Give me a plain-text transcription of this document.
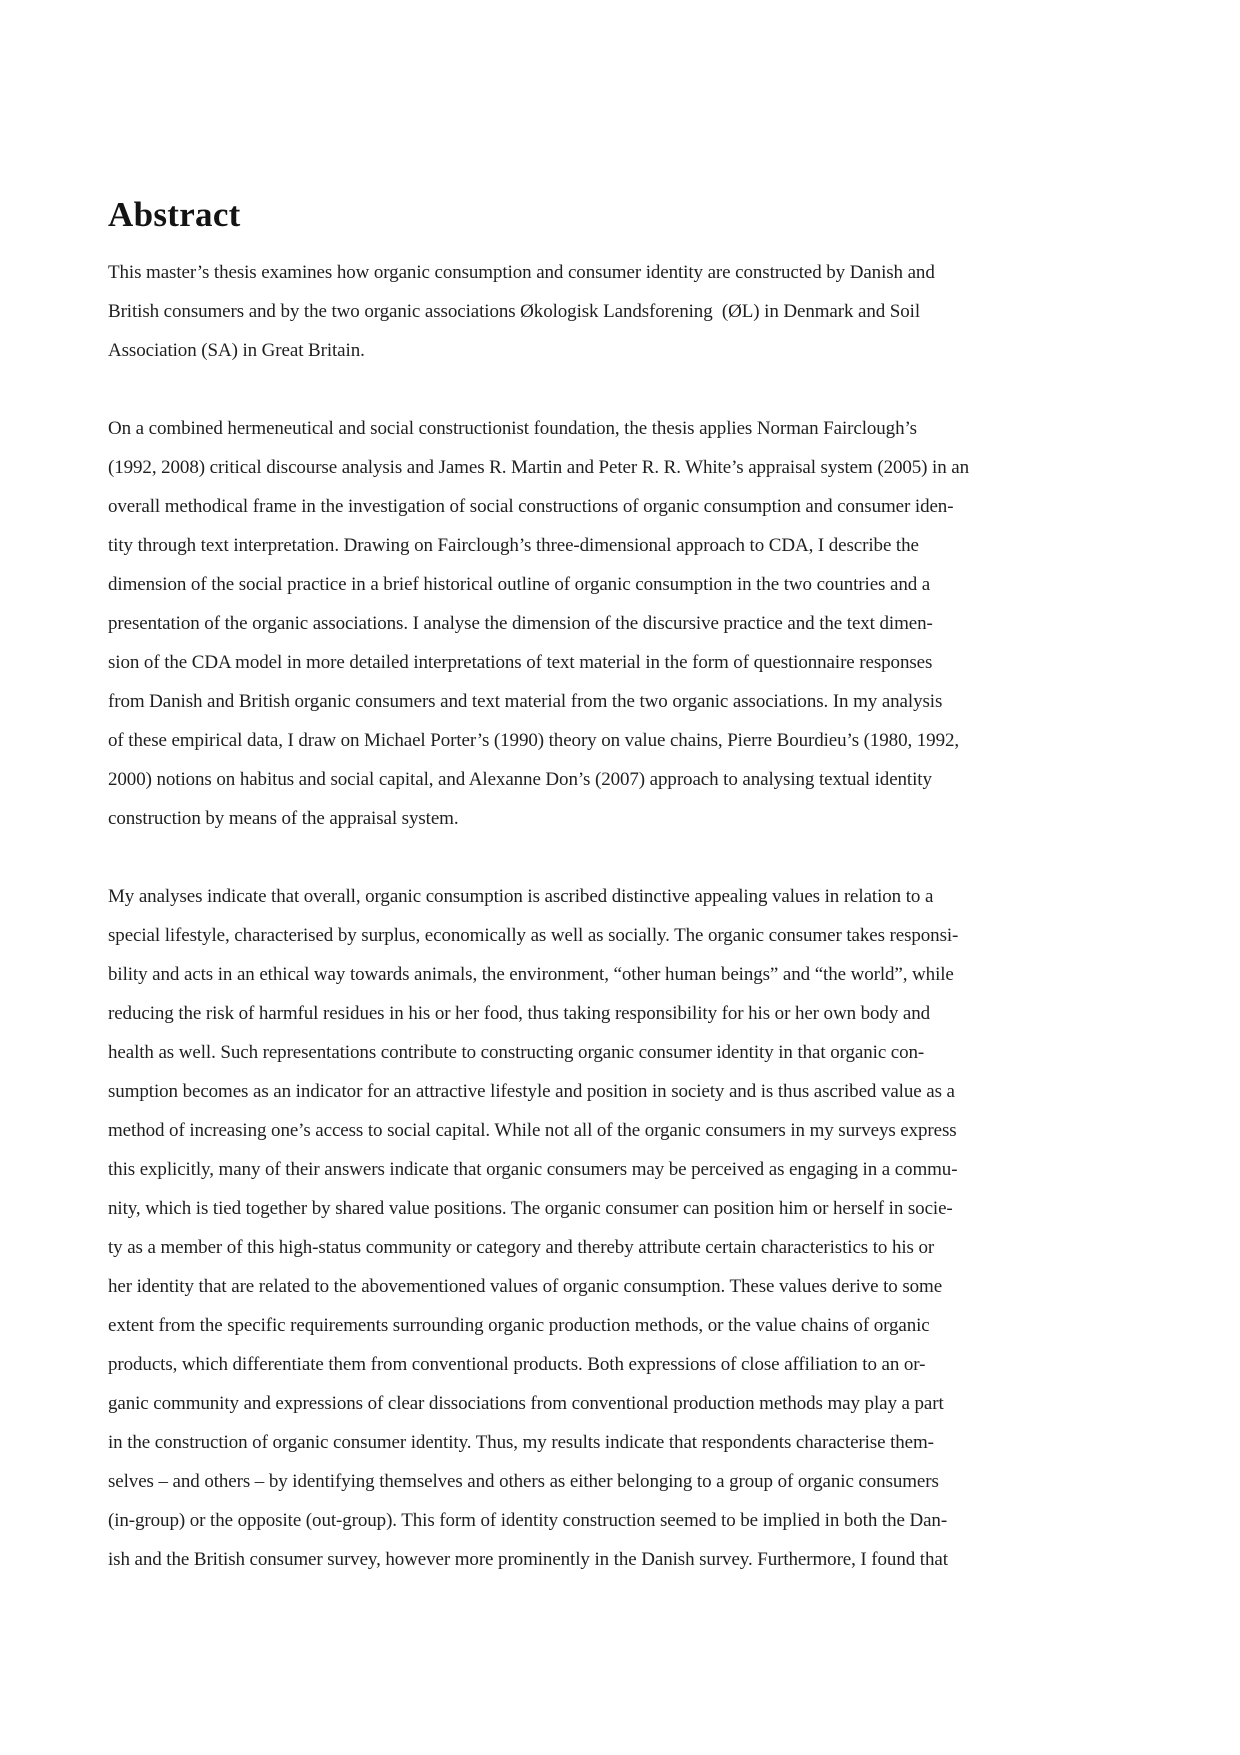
Abstract
This master’s thesis examines how organic consumption and consumer identity are constructed by Danish and
British consumers and by the two organic associations Økologisk Landsforening  (ØL) in Denmark and Soil
Association (SA) in Great Britain.
On a combined hermeneutical and social constructionist foundation, the thesis applies Norman Fairclough’s
(1992, 2008) critical discourse analysis and James R. Martin and Peter R. R. White’s appraisal system (2005) in an
overall methodical frame in the investigation of social constructions of organic consumption and consumer iden-
tity through text interpretation. Drawing on Fairclough’s three-dimensional approach to CDA, I describe the
dimension of the social practice in a brief historical outline of organic consumption in the two countries and a
presentation of the organic associations. I analyse the dimension of the discursive practice and the text dimen-
sion of the CDA model in more detailed interpretations of text material in the form of questionnaire responses
from Danish and British organic consumers and text material from the two organic associations. In my analysis
of these empirical data, I draw on Michael Porter’s (1990) theory on value chains, Pierre Bourdieu’s (1980, 1992,
2000) notions on habitus and social capital, and Alexanne Don’s (2007) approach to analysing textual identity
construction by means of the appraisal system.
My analyses indicate that overall, organic consumption is ascribed distinctive appealing values in relation to a
special lifestyle, characterised by surplus, economically as well as socially. The organic consumer takes responsi-
bility and acts in an ethical way towards animals, the environment, “other human beings” and “the world”, while
reducing the risk of harmful residues in his or her food, thus taking responsibility for his or her own body and
health as well. Such representations contribute to constructing organic consumer identity in that organic con-
sumption becomes as an indicator for an attractive lifestyle and position in society and is thus ascribed value as a
method of increasing one’s access to social capital. While not all of the organic consumers in my surveys express
this explicitly, many of their answers indicate that organic consumers may be perceived as engaging in a commu-
nity, which is tied together by shared value positions. The organic consumer can position him or herself in socie-
ty as a member of this high-status community or category and thereby attribute certain characteristics to his or
her identity that are related to the abovementioned values of organic consumption. These values derive to some
extent from the specific requirements surrounding organic production methods, or the value chains of organic
products, which differentiate them from conventional products. Both expressions of close affiliation to an or-
ganic community and expressions of clear dissociations from conventional production methods may play a part
in the construction of organic consumer identity. Thus, my results indicate that respondents characterise them-
selves – and others – by identifying themselves and others as either belonging to a group of organic consumers
(in-group) or the opposite (out-group). This form of identity construction seemed to be implied in both the Dan-
ish and the British consumer survey, however more prominently in the Danish survey. Furthermore, I found that
